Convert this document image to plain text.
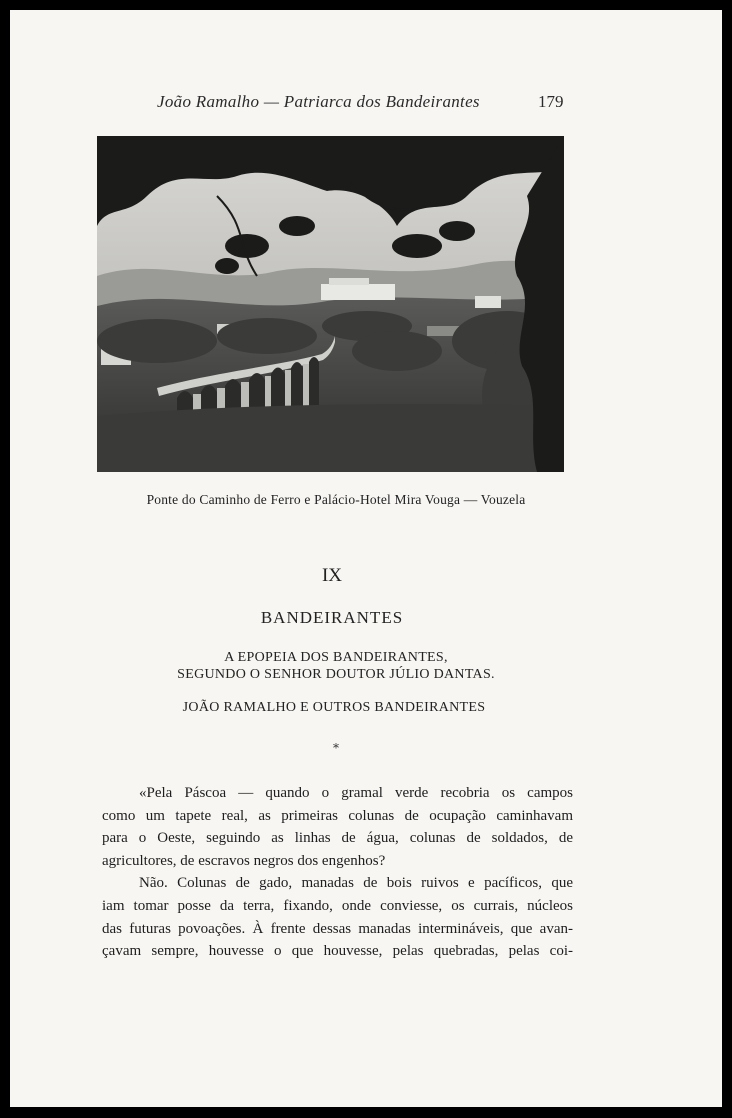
João Ramalho — Patriarca dos Bandeirantes	179
Ponte do Caminho de Ferro e Palácio-Hotel Mira Vouga — Vouzela
IX
BANDEIRANTES
A EPOPEIA DOS BANDEIRANTES,
SEGUNDO O SENHOR DOUTOR JÚLIO DANTAS.
JOÃO RAMALHO E OUTROS BANDEIRANTES
*
«Pela Páscoa — quando o gramal verde recobria os campos
como um tapete real, as primeiras colunas de ocupação caminhavam
para o Oeste, seguindo as linhas de água, colunas de soldados, de
agricultores, de escravos negros dos engenhos?
Não. Colunas de gado, manadas de bois ruivos e pacíficos, que
iam tomar posse da terra, fixando, onde conviesse, os currais, núcleos
das futuras povoações. À frente dessas manadas intermináveis, que avan-
çavam sempre, houvesse o que houvesse, pelas quebradas, pelas coi-
